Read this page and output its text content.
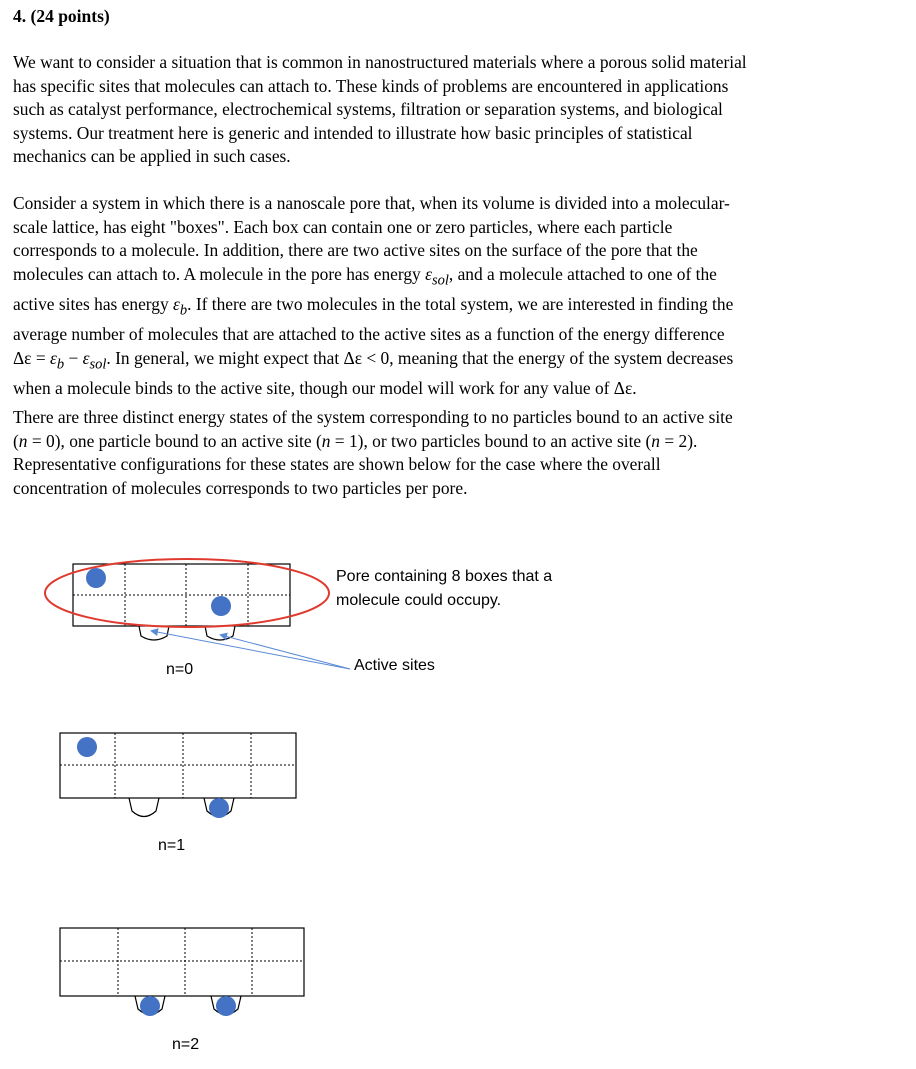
4. (24 points)
We want to consider a situation that is common in nanostructured materials where a porous solid material
has specific sites that molecules can attach to. These kinds of problems are encountered in applications
such as catalyst performance, electrochemical systems, filtration or separation systems, and biological
systems. Our treatment here is generic and intended to illustrate how basic principles of statistical
mechanics can be applied in such cases.
Consider a system in which there is a nanoscale pore that, when its volume is divided into a molecular-
scale lattice, has eight "boxes". Each box can contain one or zero particles, where each particle
corresponds to a molecule. In addition, there are two active sites on the surface of the pore that the
molecules can attach to. A molecule in the pore has energy $\varepsilon_{sol}$, and a molecule attached to one of the
active sites has energy $\varepsilon_b$. If there are two molecules in the total system, we are interested in finding the
average number of molecules that are attached to the active sites as a function of the energy difference
$\Delta\varepsilon = \varepsilon_b - \varepsilon_{sol}$. In general, we might expect that Δε < 0, meaning that the energy of the system decreases
when a molecule binds to the active site, though our model will work for any value of Δε.
There are three distinct energy states of the system corresponding to no particles bound to an active site
(n = 0), one particle bound to an active site (n = 1), or two particles bound to an active site (n = 2).
Representative configurations for these states are shown below for the case where the overall
concentration of molecules corresponds to two particles per pore.
Pore containing 8 boxes that a
molecule could occupy.
Active sites
n=0
n=1
n=2
